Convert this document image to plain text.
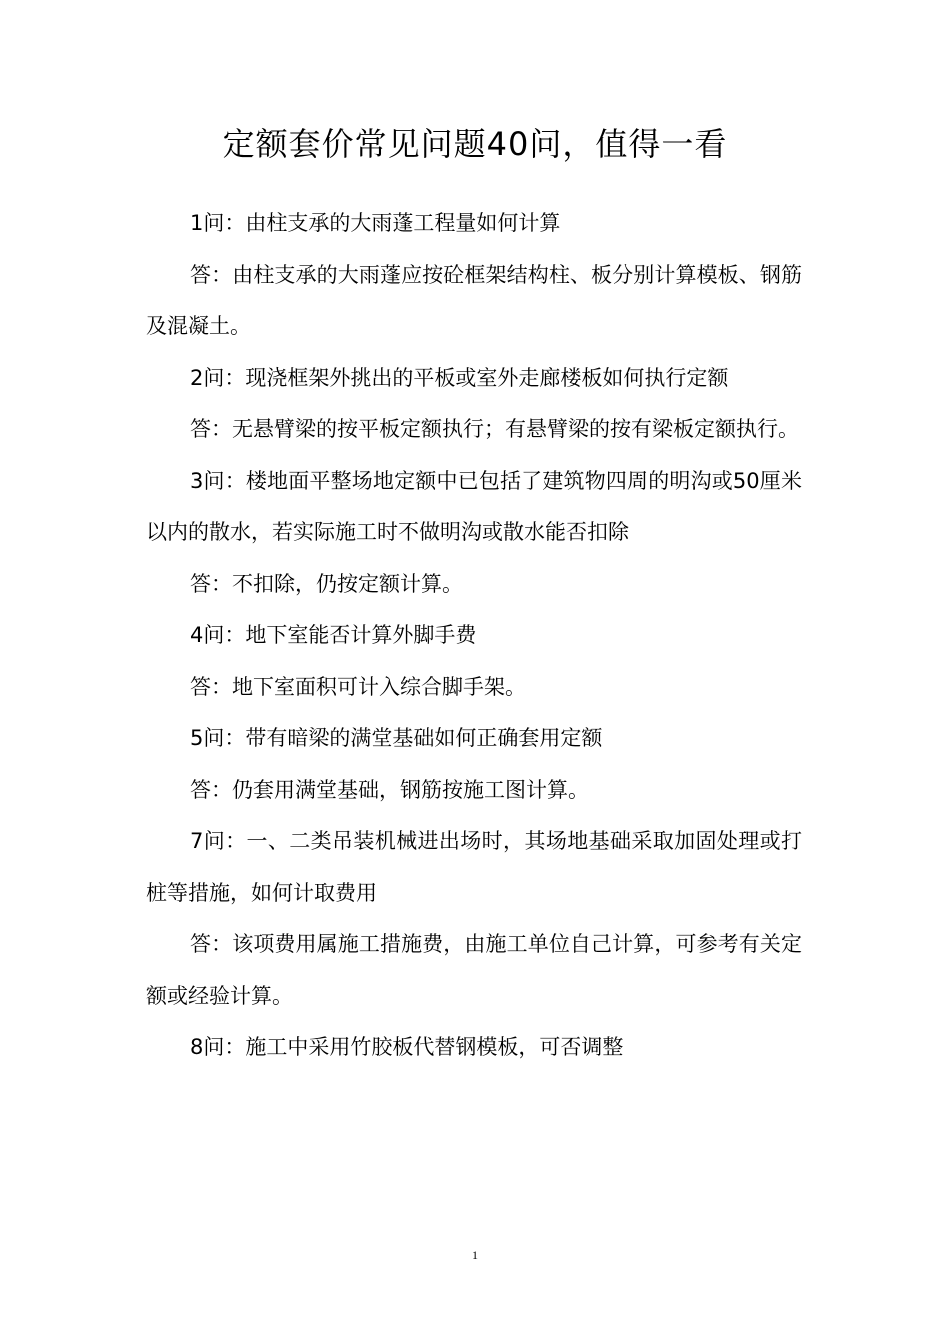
定额套价常见问题40问，值得一看

1问：由柱支承的大雨蓬工程量如何计算

答：由柱支承的大雨蓬应按砼框架结构柱、板分别计算模板、钢筋及混凝土。

2问：现浇框架外挑出的平板或室外走廊楼板如何执行定额

答：无悬臂梁的按平板定额执行；有悬臂梁的按有梁板定额执行。

3问：楼地面平整场地定额中已包括了建筑物四周的明沟或50厘米以内的散水，若实际施工时不做明沟或散水能否扣除

答：不扣除，仍按定额计算。

4问：地下室能否计算外脚手费

答：地下室面积可计入综合脚手架。

5问：带有暗梁的满堂基础如何正确套用定额

答：仍套用满堂基础，钢筋按施工图计算。

7问：一、二类吊装机械进出场时，其场地基础采取加固处理或打桩等措施，如何计取费用

答：该项费用属施工措施费，由施工单位自己计算，可参考有关定额或经验计算。

8问：施工中采用竹胶板代替钢模板，可否调整

1
